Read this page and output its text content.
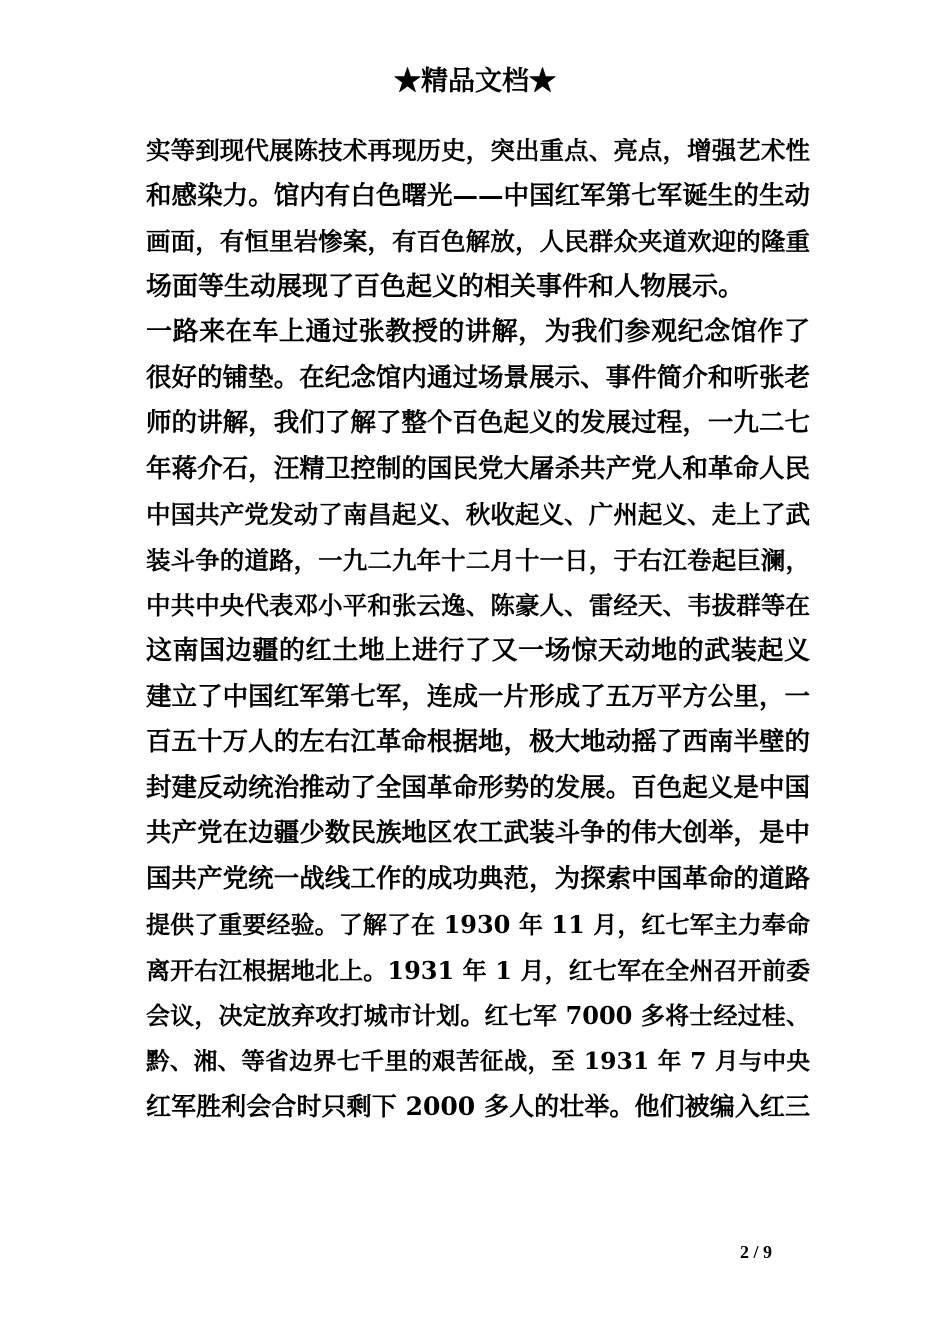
★精品文档★
实等到现代展陈技术再现历史，突出重点、亮点，增强艺术性
和感染力。馆内有白色曙光——中国红军第七军诞生的生动
画面，有恒里岩惨案，有百色解放，人民群众夹道欢迎的隆重
场面等生动展现了百色起义的相关事件和人物展示。
一路来在车上通过张教授的讲解，为我们参观纪念馆作了
很好的铺垫。在纪念馆内通过场景展示、事件简介和听张老
师的讲解，我们了解了整个百色起义的发展过程，一九二七
年蒋介石，汪精卫控制的国民党大屠杀共产党人和革命人民
中国共产党发动了南昌起义、秋收起义、广州起义、走上了武
装斗争的道路，一九二九年十二月十一日，于右江卷起巨澜，
中共中央代表邓小平和张云逸、陈豪人、雷经天、韦拔群等在
这南国边疆的红土地上进行了又一场惊天动地的武装起义
建立了中国红军第七军，连成一片形成了五万平方公里，一
百五十万人的左右江革命根据地，极大地动摇了西南半壁的
封建反动统治推动了全国革命形势的发展。百色起义是中国
共产党在边疆少数民族地区农工武装斗争的伟大创举，是中
国共产党统一战线工作的成功典范，为探索中国革命的道路
提供了重要经验。了解了在 1930 年 11 月，红七军主力奉命
离开右江根据地北上。1931 年 1 月，红七军在全州召开前委
会议，决定放弃攻打城市计划。红七军 7000 多将士经过桂、
黔、湘、等省边界七千里的艰苦征战，至 1931 年 7 月与中央
红军胜利会合时只剩下 2000 多人的壮举。他们被编入红三
2 / 9
